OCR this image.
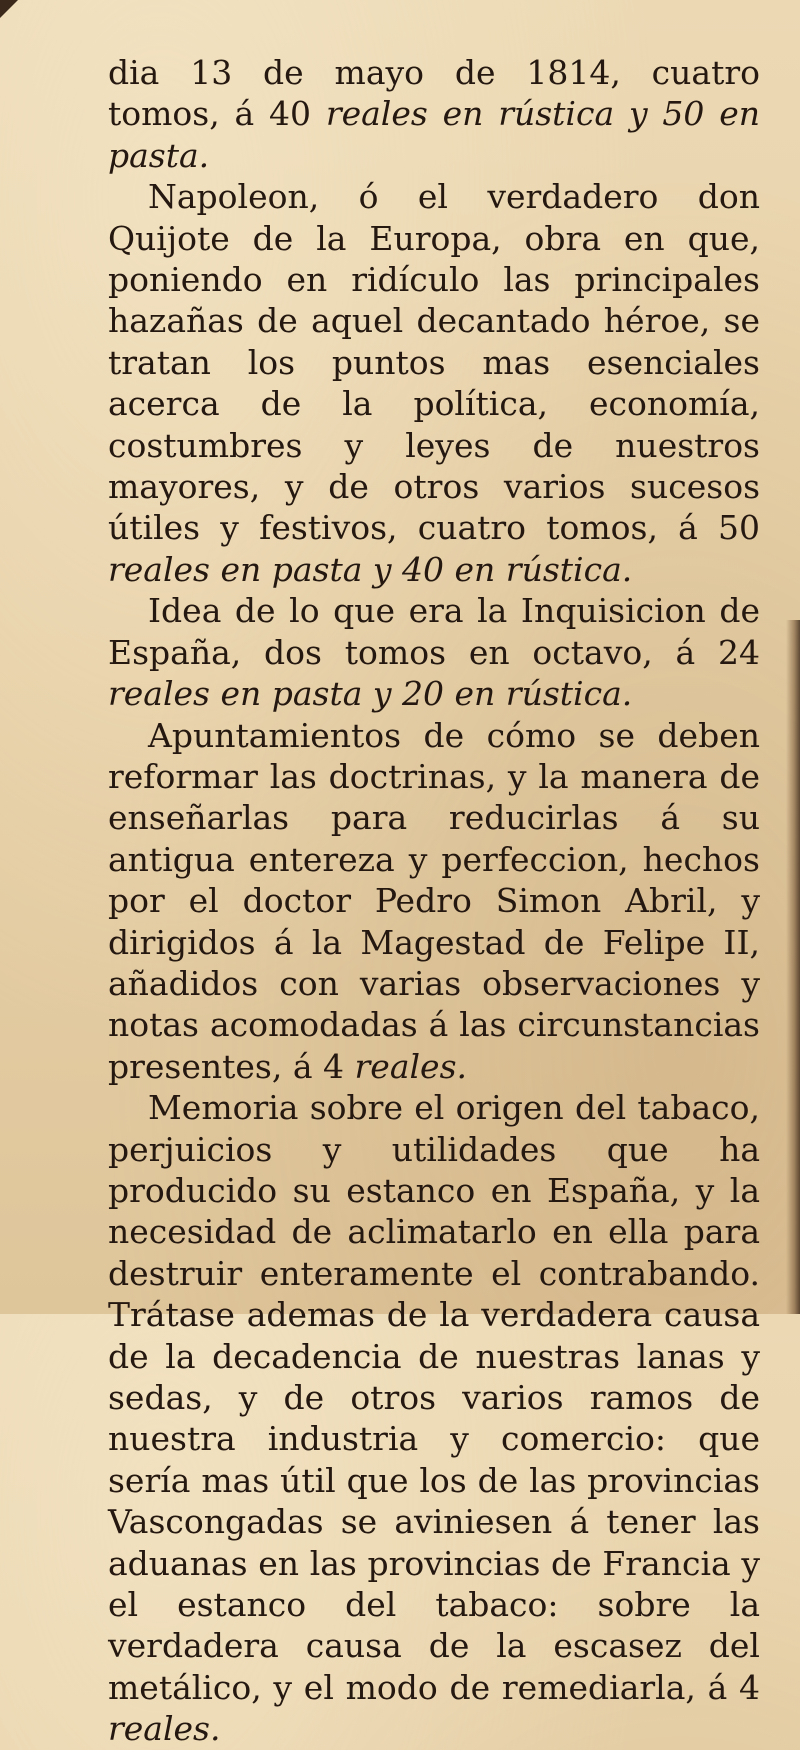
dia 13 de mayo de 1814, cuatro tomos, á 40 reales en rústica y 50 en pasta.

Napoleon, ó el verdadero don Quijote de la Europa, obra en que, poniendo en ridículo las principales hazañas de aquel decantado héroe, se tratan los puntos mas esenciales acerca de la política, economía, costumbres y leyes de nuestros mayores, y de otros varios sucesos útiles y festivos, cuatro tomos, á 50 reales en pasta y 40 en rústica.

Idea de lo que era la Inquisicion de España, dos tomos en octavo, á 24 reales en pasta y 20 en rústica.

Apuntamientos de cómo se deben reformar las doctrinas, y la manera de enseñarlas para reducirlas á su antigua entereza y perfeccion, hechos por el doctor Pedro Simon Abril, y dirigidos á la Magestad de Felipe II, añadidos con varias observaciones y notas acomodadas á las circunstancias presentes, á 4 reales.

Memoria sobre el origen del tabaco, perjuicios y utilidades que ha producido su estanco en España, y la necesidad de aclimatarlo en ella para destruir enteramente el contrabando. Trátase ademas de la verdadera causa de la decadencia de nuestras lanas y sedas, y de otros varios ramos de nuestra industria y comercio: que sería mas útil que los de las provincias Vascongadas se aviniesen á tener las aduanas en las provincias de Francia y el estanco del tabaco: sobre la verdadera causa de la escasez del metálico, y el modo de remediarla, á 4 reales.
